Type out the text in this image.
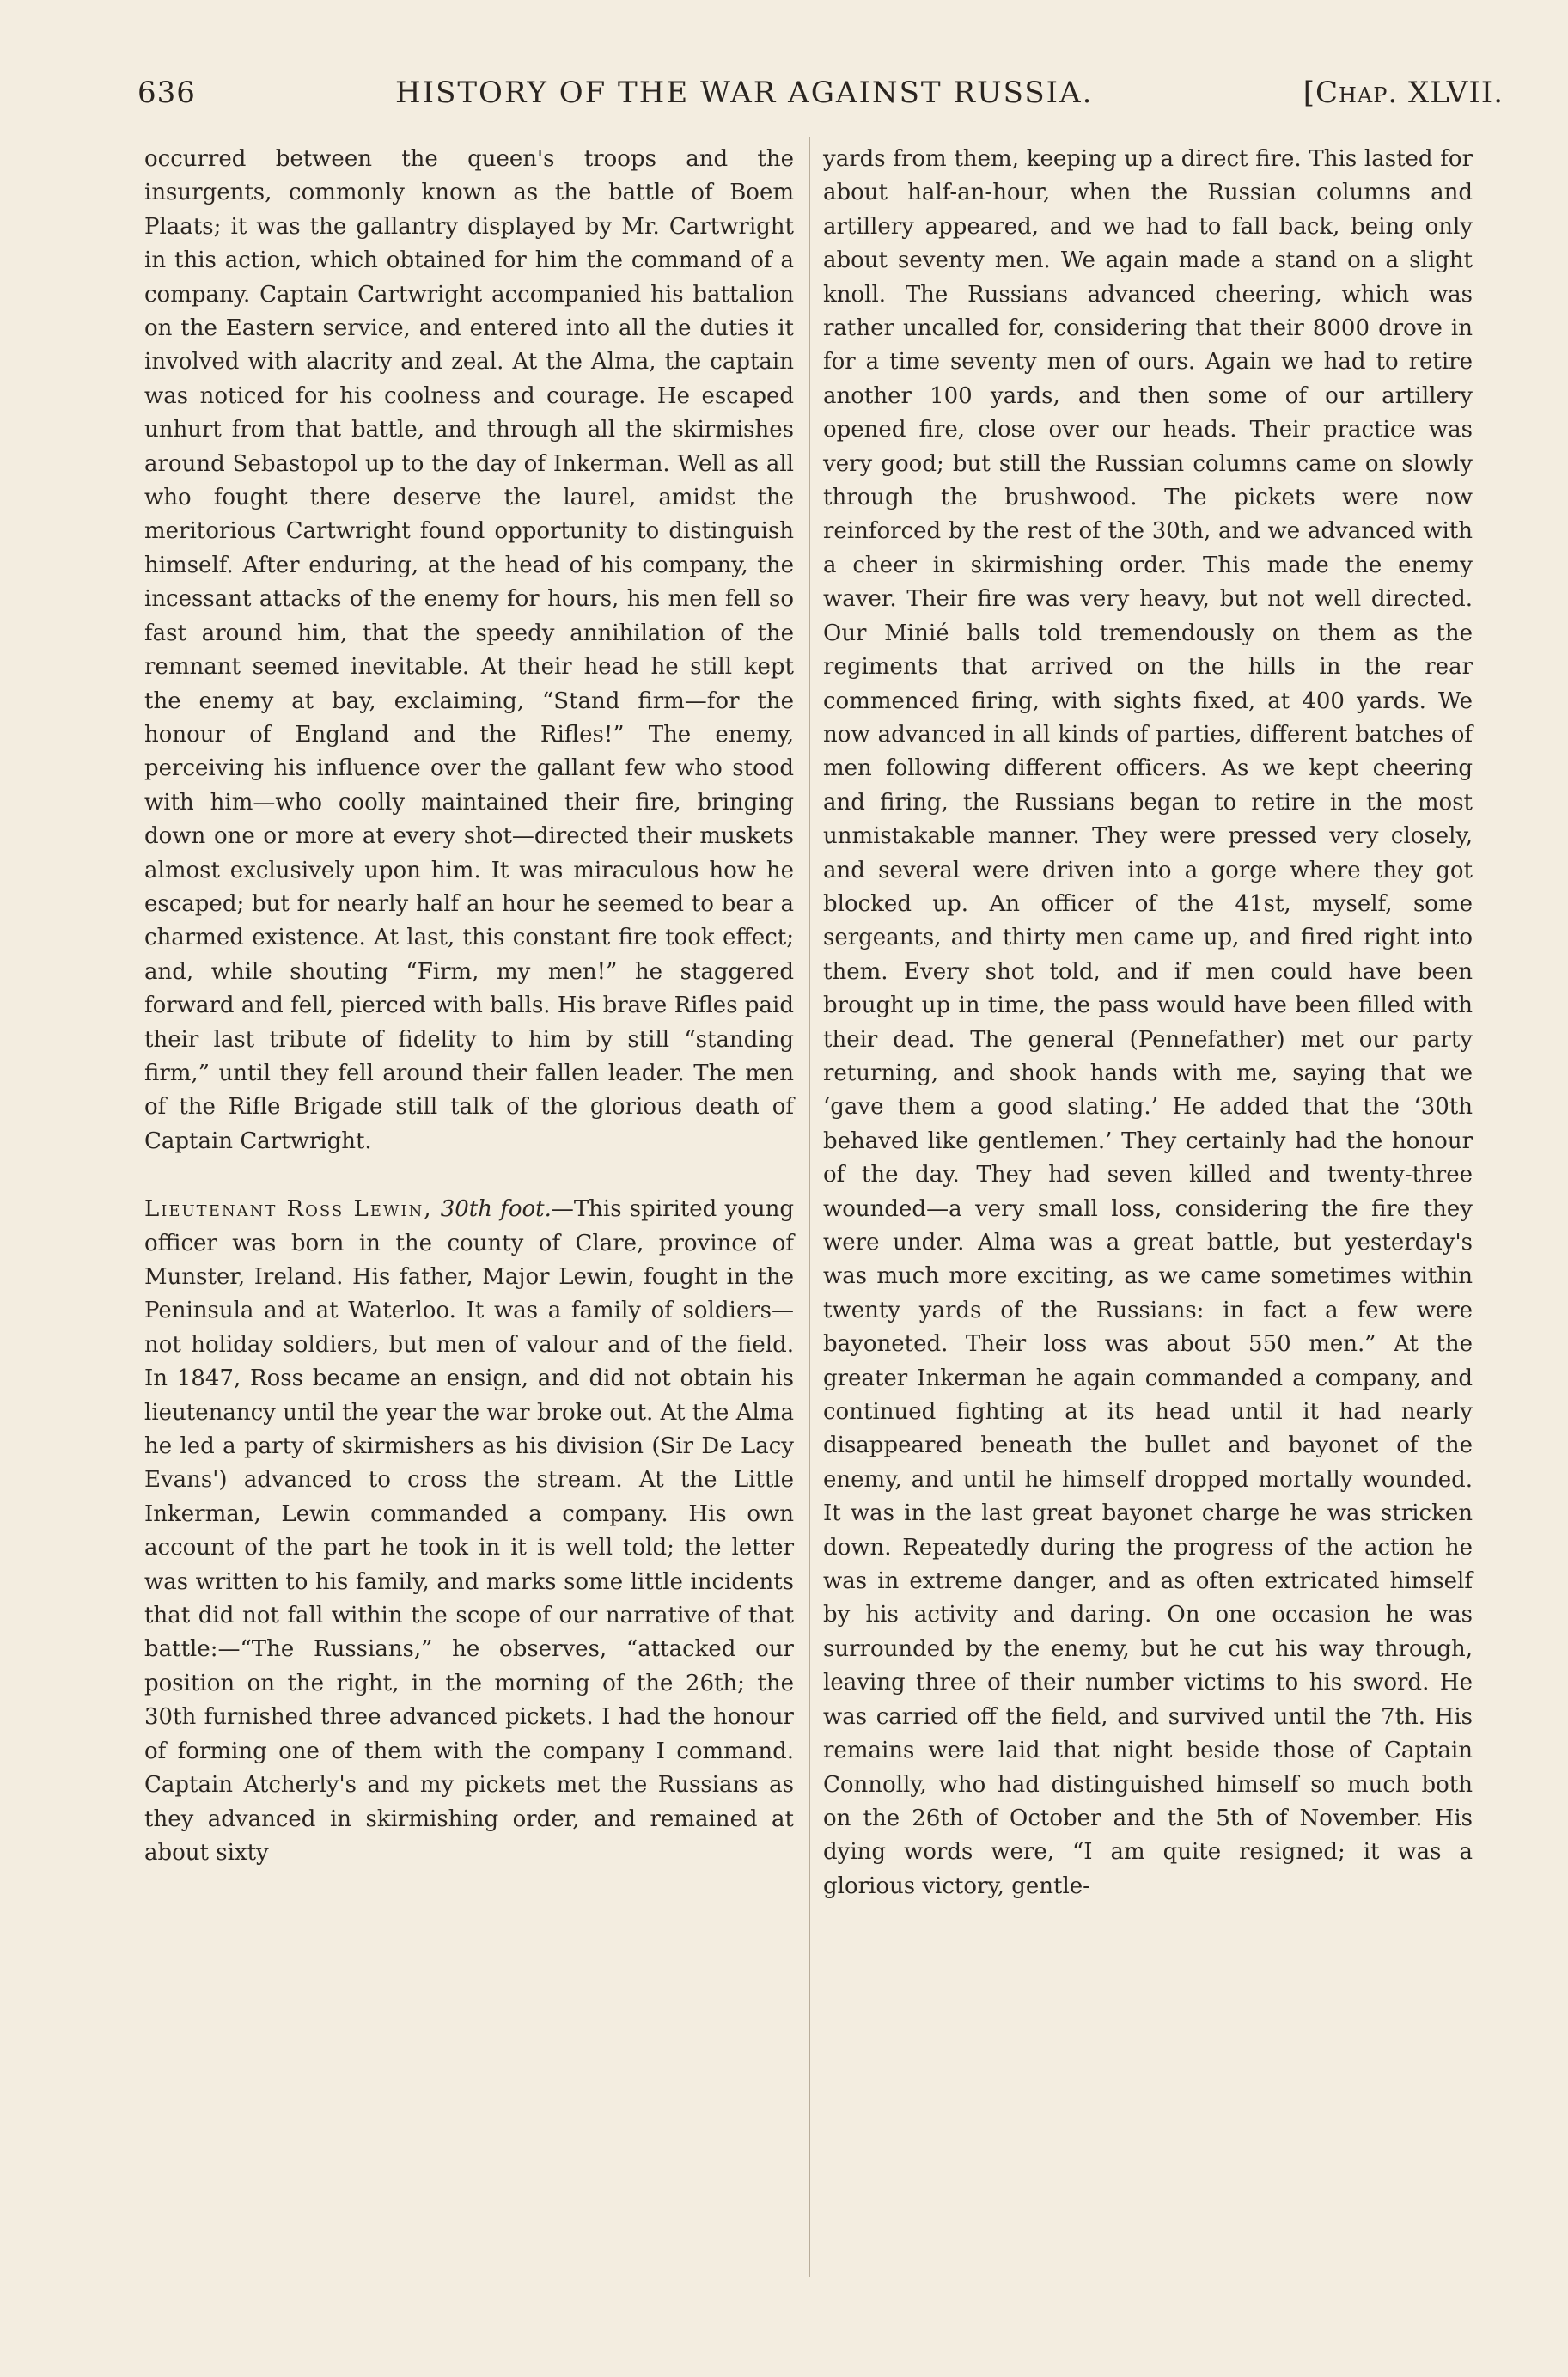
636	HISTORY OF THE WAR AGAINST RUSSIA.	[Chap. XLVII.

occurred between the queen's troops and the insurgents, commonly known as the battle of Boem Plaats; it was the gallantry displayed by Mr. Cartwright in this action, which obtained for him the command of a company. Captain Cartwright accompanied his battalion on the Eastern service, and entered into all the duties it involved with alacrity and zeal. At the Alma, the captain was noticed for his coolness and courage. He escaped unhurt from that battle, and through all the skirmishes around Sebastopol up to the day of Inkerman. Well as all who fought there deserve the laurel, amidst the meritorious Cartwright found opportunity to distinguish himself. After enduring, at the head of his company, the incessant attacks of the enemy for hours, his men fell so fast around him, that the speedy annihilation of the remnant seemed inevitable. At their head he still kept the enemy at bay, exclaiming, “Stand firm—for the honour of England and the Rifles!” The enemy, perceiving his influence over the gallant few who stood with him—who coolly maintained their fire, bringing down one or more at every shot—directed their muskets almost exclusively upon him. It was miraculous how he escaped; but for nearly half an hour he seemed to bear a charmed existence. At last, this constant fire took effect; and, while shouting “Firm, my men!” he staggered forward and fell, pierced with balls. His brave Rifles paid their last tribute of fidelity to him by still “standing firm,” until they fell around their fallen leader. The men of the Rifle Brigade still talk of the glorious death of Captain Cartwright.

Lieutenant Ross Lewin, 30th foot.—This spirited young officer was born in the county of Clare, province of Munster, Ireland. His father, Major Lewin, fought in the Peninsula and at Waterloo. It was a family of soldiers—not holiday soldiers, but men of valour and of the field. In 1847, Ross became an ensign, and did not obtain his lieutenancy until the year the war broke out. At the Alma he led a party of skirmishers as his division (Sir De Lacy Evans') advanced to cross the stream. At the Little Inkerman, Lewin commanded a company. His own account of the part he took in it is well told; the letter was written to his family, and marks some little incidents that did not fall within the scope of our narrative of that battle:—“The Russians,” he observes, “attacked our position on the right, in the morning of the 26th; the 30th furnished three advanced pickets. I had the honour of forming one of them with the company I command. Captain Atcherly's and my pickets met the Russians as they advanced in skirmishing order, and remained at about sixty

yards from them, keeping up a direct fire. This lasted for about half-an-hour, when the Russian columns and artillery appeared, and we had to fall back, being only about seventy men. We again made a stand on a slight knoll. The Russians advanced cheering, which was rather uncalled for, considering that their 8000 drove in for a time seventy men of ours. Again we had to retire another 100 yards, and then some of our artillery opened fire, close over our heads. Their practice was very good; but still the Russian columns came on slowly through the brushwood. The pickets were now reinforced by the rest of the 30th, and we advanced with a cheer in skirmishing order. This made the enemy waver. Their fire was very heavy, but not well directed. Our Minié balls told tremendously on them as the regiments that arrived on the hills in the rear commenced firing, with sights fixed, at 400 yards. We now advanced in all kinds of parties, different batches of men following different officers. As we kept cheering and firing, the Russians began to retire in the most unmistakable manner. They were pressed very closely, and several were driven into a gorge where they got blocked up. An officer of the 41st, myself, some sergeants, and thirty men came up, and fired right into them. Every shot told, and if men could have been brought up in time, the pass would have been filled with their dead. The general (Pennefather) met our party returning, and shook hands with me, saying that we ‘gave them a good slating.’ He added that the ‘30th behaved like gentlemen.’ They certainly had the honour of the day. They had seven killed and twenty-three wounded—a very small loss, considering the fire they were under. Alma was a great battle, but yesterday's was much more exciting, as we came sometimes within twenty yards of the Russians: in fact a few were bayoneted. Their loss was about 550 men.” At the greater Inkerman he again commanded a company, and continued fighting at its head until it had nearly disappeared beneath the bullet and bayonet of the enemy, and until he himself dropped mortally wounded. It was in the last great bayonet charge he was stricken down. Repeatedly during the progress of the action he was in extreme danger, and as often extricated himself by his activity and daring. On one occasion he was surrounded by the enemy, but he cut his way through, leaving three of their number victims to his sword. He was carried off the field, and survived until the 7th. His remains were laid that night beside those of Captain Connolly, who had distinguished himself so much both on the 26th of October and the 5th of November. His dying words were, “I am quite resigned; it was a glorious victory, gentle-
